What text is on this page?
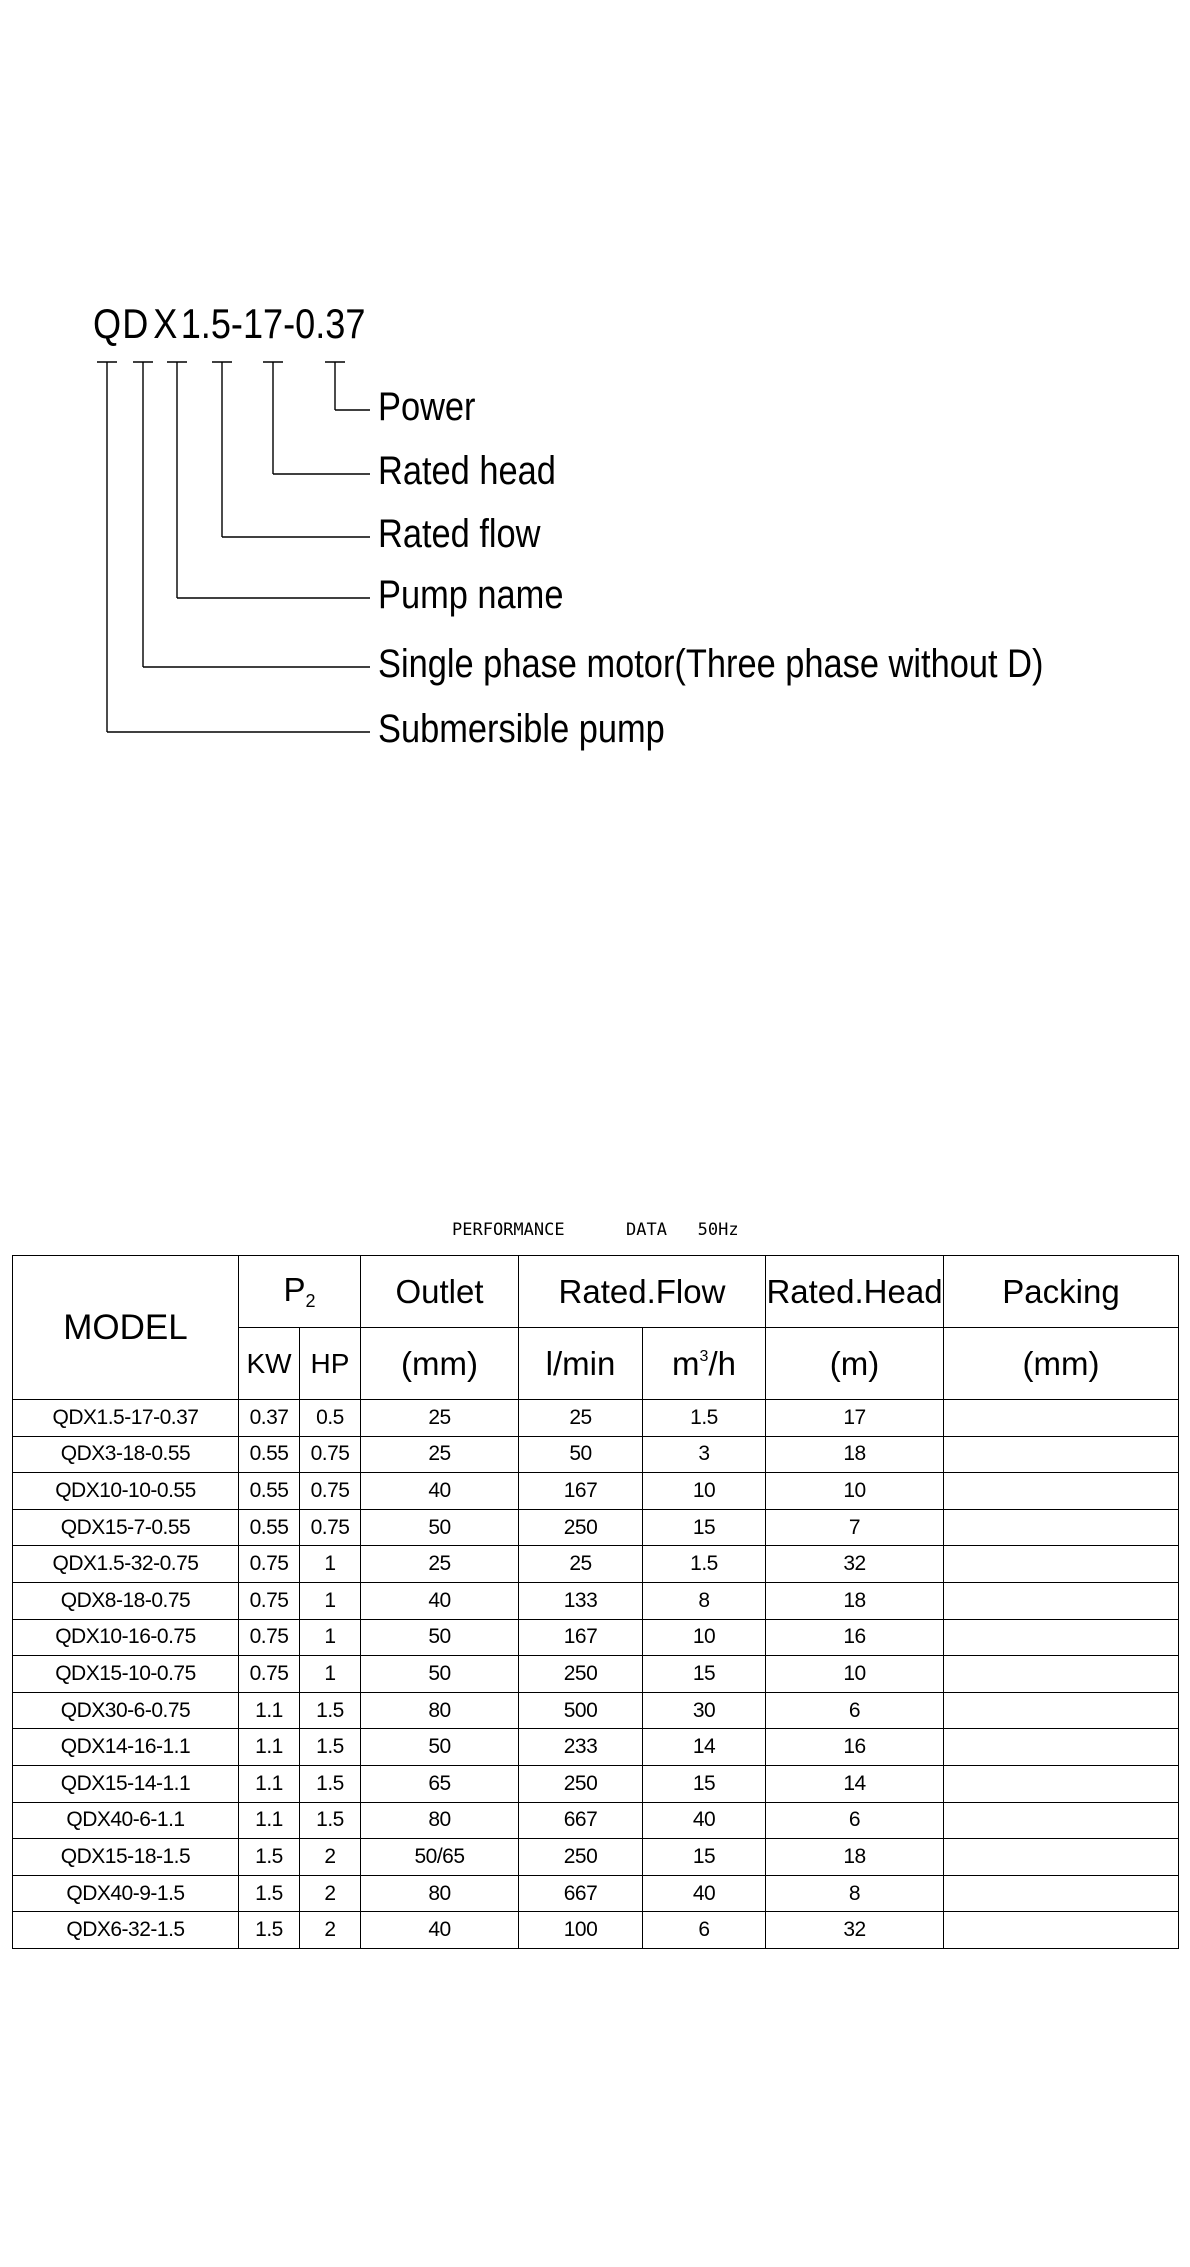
QD X1.5-17-0.37
Power
Rated head
Rated flow
Pump name
Single phase motor(Three phase without D)
Submersible pump
PERFORMANCE      DATA   50Hz
MODEL	$P_2$		Outlet	Rated.Flow		Rated.Head	Packing
	KW	HP	(mm)	l/min	$m^3/h$	(m)	(mm)
QDX1.5-17-0.37	0.37	0.5	25	25	1.5	17	
QDX3-18-0.55	0.55	0.75	25	50	3	18	
QDX10-10-0.55	0.55	0.75	40	167	10	10	
QDX15-7-0.55	0.55	0.75	50	250	15	7	
QDX1.5-32-0.75	0.75	1	25	25	1.5	32	
QDX8-18-0.75	0.75	1	40	133	8	18	
QDX10-16-0.75	0.75	1	50	167	10	16	
QDX15-10-0.75	0.75	1	50	250	15	10	
QDX30-6-0.75	1.1	1.5	80	500	30	6	
QDX14-16-1.1	1.1	1.5	50	233	14	16	
QDX15-14-1.1	1.1	1.5	65	250	15	14	
QDX40-6-1.1	1.1	1.5	80	667	40	6	
QDX15-18-1.5	1.5	2	50/65	250	15	18	
QDX40-9-1.5	1.5	2	80	667	40	8	
QDX6-32-1.5	1.5	2	40	100	6	32	
